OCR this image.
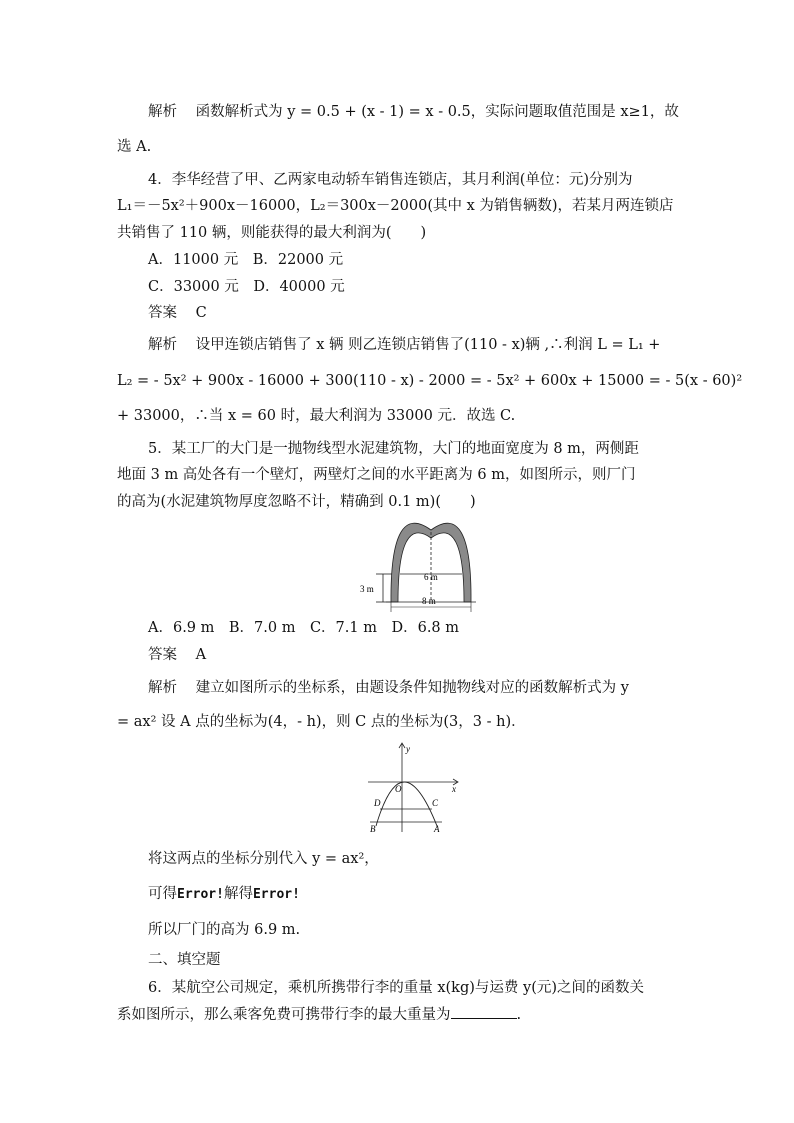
解析 函数解析式为 y = 0.5 + (x - 1) = x - 0.5，实际问题取值范围是 x≥1，故
选 A.
4．李华经营了甲、乙两家电动轿车销售连锁店，其月利润(单位：元)分别为
L₁＝－5x²＋900x－16000，L₂＝300x－2000(其中 x 为销售辆数)，若某月两连锁店
共销售了 110 辆，则能获得的最大利润为(　　)
A．11000 元　B．22000 元
C．33000 元　D．40000 元
答案 C
解析 设甲连锁店销售了 x 辆 则乙连锁店销售了(110 - x)辆 ,∴利润 L = L₁ +
L₂ = - 5x² + 900x - 16000 + 300(110 - x) - 2000 = - 5x² + 600x + 15000 = - 5(x - 60)²
+ 33000，∴当 x = 60 时，最大利润为 33000 元．故选 C.
5．某工厂的大门是一抛物线型水泥建筑物，大门的地面宽度为 8 m，两侧距
地面 3 m 高处各有一个壁灯，两壁灯之间的水平距离为 6 m，如图所示，则厂门
的高为(水泥建筑物厚度忽略不计，精确到 0.1 m)(　　)
3 m
6 m
8 m
A．6.9 m　B．7.0 m　C．7.1 m　D．6.8 m
答案 A
解析 建立如图所示的坐标系，由题设条件知抛物线对应的函数解析式为 y
= ax² 设 A 点的坐标为(4，- h)，则 C 点的坐标为(3，3 - h)．
y
x
O
D	C
B	A
将这两点的坐标分别代入 y = ax²，
可得Error!解得Error!
所以厂门的高为 6.9 m.
二、填空题
6．某航空公司规定，乘机所携带行李的重量 x(kg)与运费 y(元)之间的函数关
系如图所示，那么乘客免费可携带行李的最大重量为	.
